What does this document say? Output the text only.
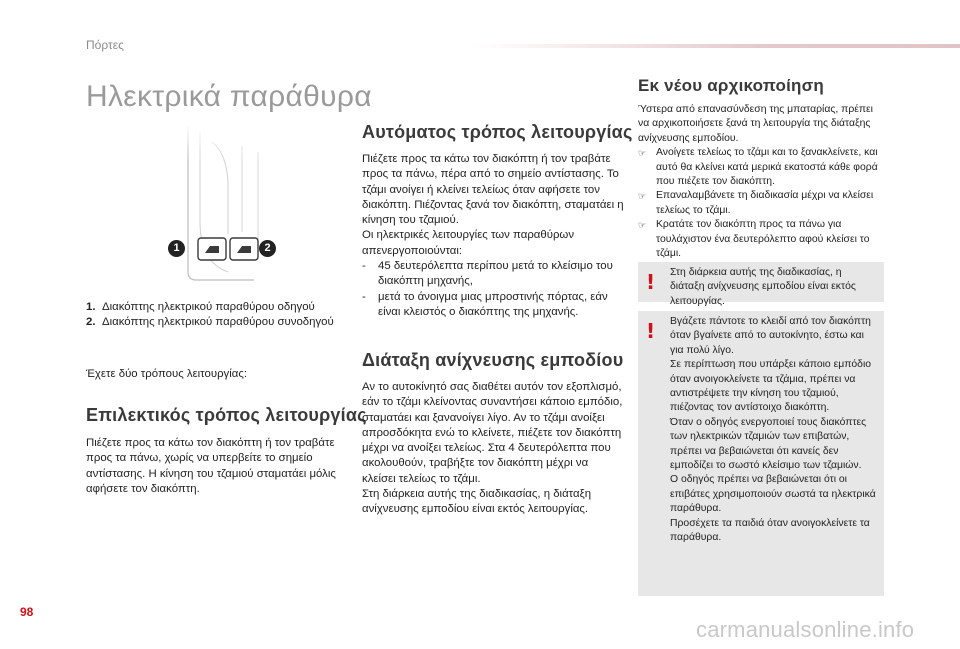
Πόρτες
Ηλεκτρικά παράθυρα
1	2
1. Διακόπτης ηλεκτρικού παραθύρου οδηγού
2. Διακόπτης ηλεκτρικού παραθύρου συνοδηγού
Έχετε δύο τρόπους λειτουργίας:
Επιλεκτικός τρόπος λειτουργίας

Πιέζετε προς τα κάτω τον διακόπτη ή τον τραβάτε προς τα πάνω, χωρίς να υπερβείτε το σημείο αντίστασης. Η κίνηση του τζαμιού σταματάει μόλις αφήσετε τον διακόπτη.

Αυτόματος τρόπος λειτουργίας

Πιέζετε προς τα κάτω τον διακόπτη ή τον τραβάτε προς τα πάνω, πέρα από το σημείο αντίστασης. Το τζάμι ανοίγει ή κλείνει τελείως όταν αφήσετε τον διακόπτη. Πιέζοντας ξανά τον διακόπτη, σταματάει η κίνηση του τζαμιού.

Οι ηλεκτρικές λειτουργίες των παραθύρων απενεργοποιούνται:

-	45 δευτερόλεπτα περίπου μετά το κλείσιμο του διακόπτη μηχανής,
-	μετά το άνοιγμα μιας μπροστινής πόρτας, εάν είναι κλειστός ο διακόπτης της μηχανής.
Διάταξη ανίχνευσης εμποδίου

Αν το αυτοκίνητό σας διαθέτει αυτόν τον εξοπλισμό, εάν το τζάμι κλείνοντας συναντήσει κάποιο εμπόδιο, σταματάει και ξανανοίγει λίγο. Αν το τζάμι ανοίξει απροσδόκητα ενώ το κλείνετε, πιέζετε τον διακόπτη μέχρι να ανοίξει τελείως. Στα 4 δευτερόλεπτα που ακολουθούν, τραβήξτε τον διακόπτη μέχρι να κλείσει τελείως το τζάμι.

Στη διάρκεια αυτής της διαδικασίας, η διάταξη ανίχνευσης εμποδίου είναι εκτός λειτουργίας.

Εκ νέου αρχικοποίηση

Ύστερα από επανασύνδεση της μπαταρίας, πρέπει να αρχικοποιήσετε ξανά τη λειτουργία της διάταξης ανίχνευσης εμποδίου.

☞ Ανοίγετε τελείως το τζάμι και το ξανακλείνετε, και αυτό θα κλείνει κατά μερικά εκατοστά κάθε φορά που πιέζετε τον διακόπτη.
☞ Επαναλαμβάνετε τη διαδικασία μέχρι να κλείσει τελείως το τζάμι.
☞ Κρατάτε τον διακόπτη προς τα πάνω για τουλάχιστον ένα δευτερόλεπτο αφού κλείσει το τζάμι.
! Στη διάρκεια αυτής της διαδικασίας, η διάταξη ανίχνευσης εμποδίου είναι εκτός λειτουργίας.
! Βγάζετε πάντοτε το κλειδί από τον διακόπτη όταν βγαίνετε από το αυτοκίνητο, έστω και για πολύ λίγο.

Σε περίπτωση που υπάρξει κάποιο εμπόδιο όταν ανοιγοκλείνετε τα τζάμια, πρέπει να αντιστρέψετε την κίνηση του τζαμιού, πιέζοντας τον αντίστοιχο διακόπτη.

Όταν ο οδηγός ενεργοποιεί τους διακόπτες των ηλεκτρικών τζαμιών των επιβατών, πρέπει να βεβαιώνεται ότι κανείς δεν εμποδίζει το σωστό κλείσιμο των τζαμιών.

Ο οδηγός πρέπει να βεβαιώνεται ότι οι επιβάτες χρησιμοποιούν σωστά τα ηλεκτρικά παράθυρα.

Προσέχετε τα παιδιά όταν ανοιγοκλείνετε τα παράθυρα.

98
carmanualsonline.info
